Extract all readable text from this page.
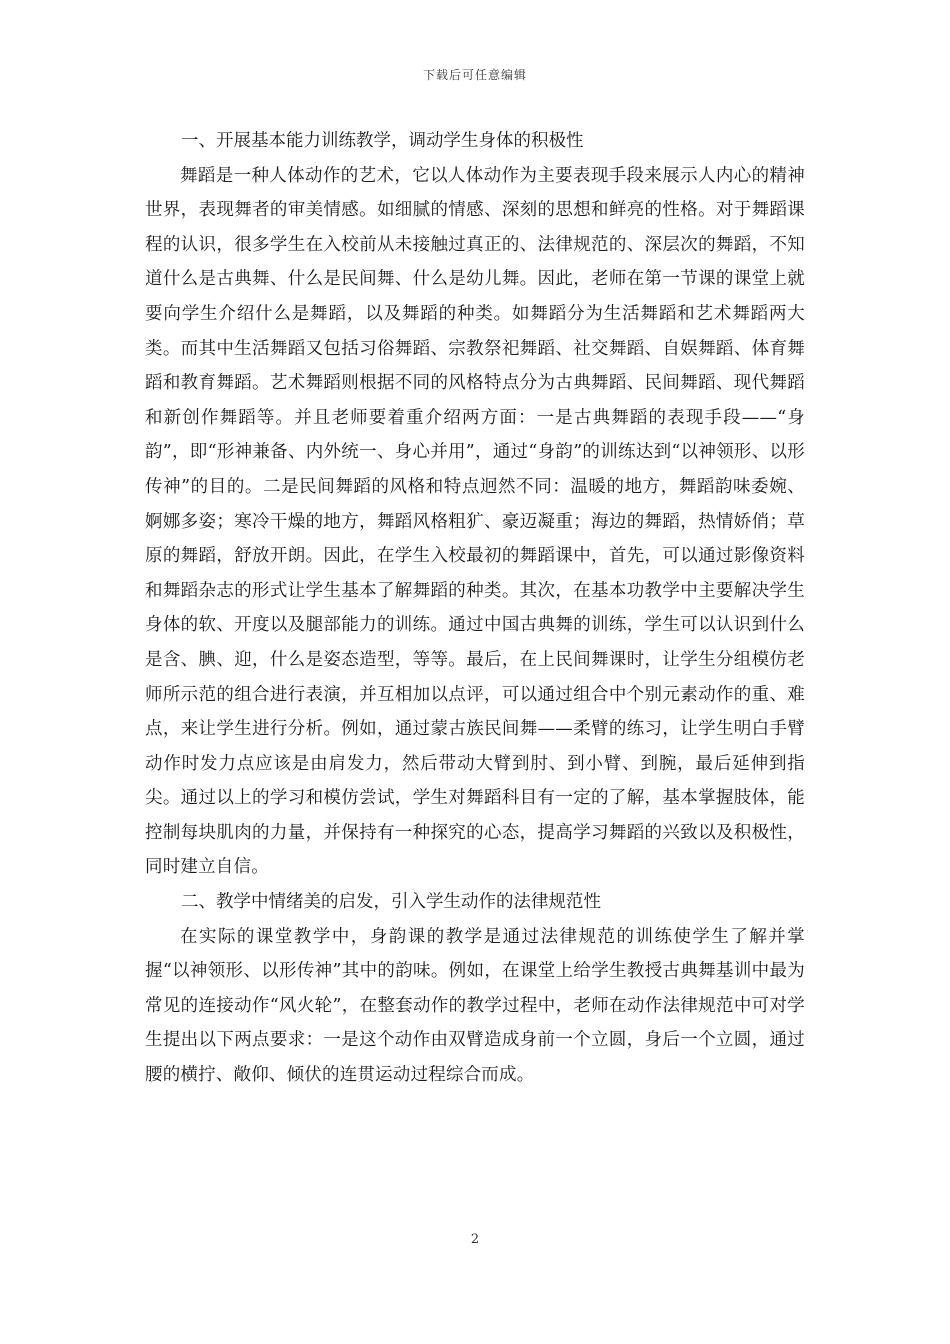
下载后可任意编辑

一、开展基本能力训练教学，调动学生身体的积极性

舞蹈是一种人体动作的艺术，它以人体动作为主要表现手段来展示人内心的精神世界，表现舞者的审美情感。如细腻的情感、深刻的思想和鲜亮的性格。对于舞蹈课程的认识，很多学生在入校前从未接触过真正的、法律规范的、深层次的舞蹈，不知道什么是古典舞、什么是民间舞、什么是幼儿舞。因此，老师在第一节课的课堂上就要向学生介绍什么是舞蹈，以及舞蹈的种类。如舞蹈分为生活舞蹈和艺术舞蹈两大类。而其中生活舞蹈又包括习俗舞蹈、宗教祭祀舞蹈、社交舞蹈、自娱舞蹈、体育舞蹈和教育舞蹈。艺术舞蹈则根据不同的风格特点分为古典舞蹈、民间舞蹈、现代舞蹈和新创作舞蹈等。并且老师要着重介绍两方面：一是古典舞蹈的表现手段——“身韵”，即“形神兼备、内外统一、身心并用”，通过“身韵”的训练达到“以神领形、以形传神”的目的。二是民间舞蹈的风格和特点迥然不同：温暖的地方，舞蹈韵味委婉、婀娜多姿；寒冷干燥的地方，舞蹈风格粗犷、豪迈凝重；海边的舞蹈，热情娇俏；草原的舞蹈，舒放开朗。因此，在学生入校最初的舞蹈课中，首先，可以通过影像资料和舞蹈杂志的形式让学生基本了解舞蹈的种类。其次，在基本功教学中主要解决学生身体的软、开度以及腿部能力的训练。通过中国古典舞的训练，学生可以认识到什么是含、腆、迎，什么是姿态造型，等等。最后，在上民间舞课时，让学生分组模仿老师所示范的组合进行表演，并互相加以点评，可以通过组合中个别元素动作的重、难点，来让学生进行分析。例如，通过蒙古族民间舞——柔臂的练习，让学生明白手臂动作时发力点应该是由肩发力，然后带动大臂到肘、到小臂、到腕，最后延伸到指尖。通过以上的学习和模仿尝试，学生对舞蹈科目有一定的了解，基本掌握肢体，能控制每块肌肉的力量，并保持有一种探究的心态，提高学习舞蹈的兴致以及积极性，同时建立自信。

二、教学中情绪美的启发，引入学生动作的法律规范性

在实际的课堂教学中，身韵课的教学是通过法律规范的训练使学生了解并掌握“以神领形、以形传神”其中的韵味。例如，在课堂上给学生教授古典舞基训中最为常见的连接动作“风火轮”，在整套动作的教学过程中，老师在动作法律规范中可对学生提出以下两点要求：一是这个动作由双臂造成身前一个立圆，身后一个立圆，通过腰的横拧、敞仰、倾伏的连贯运动过程综合而成。

2
